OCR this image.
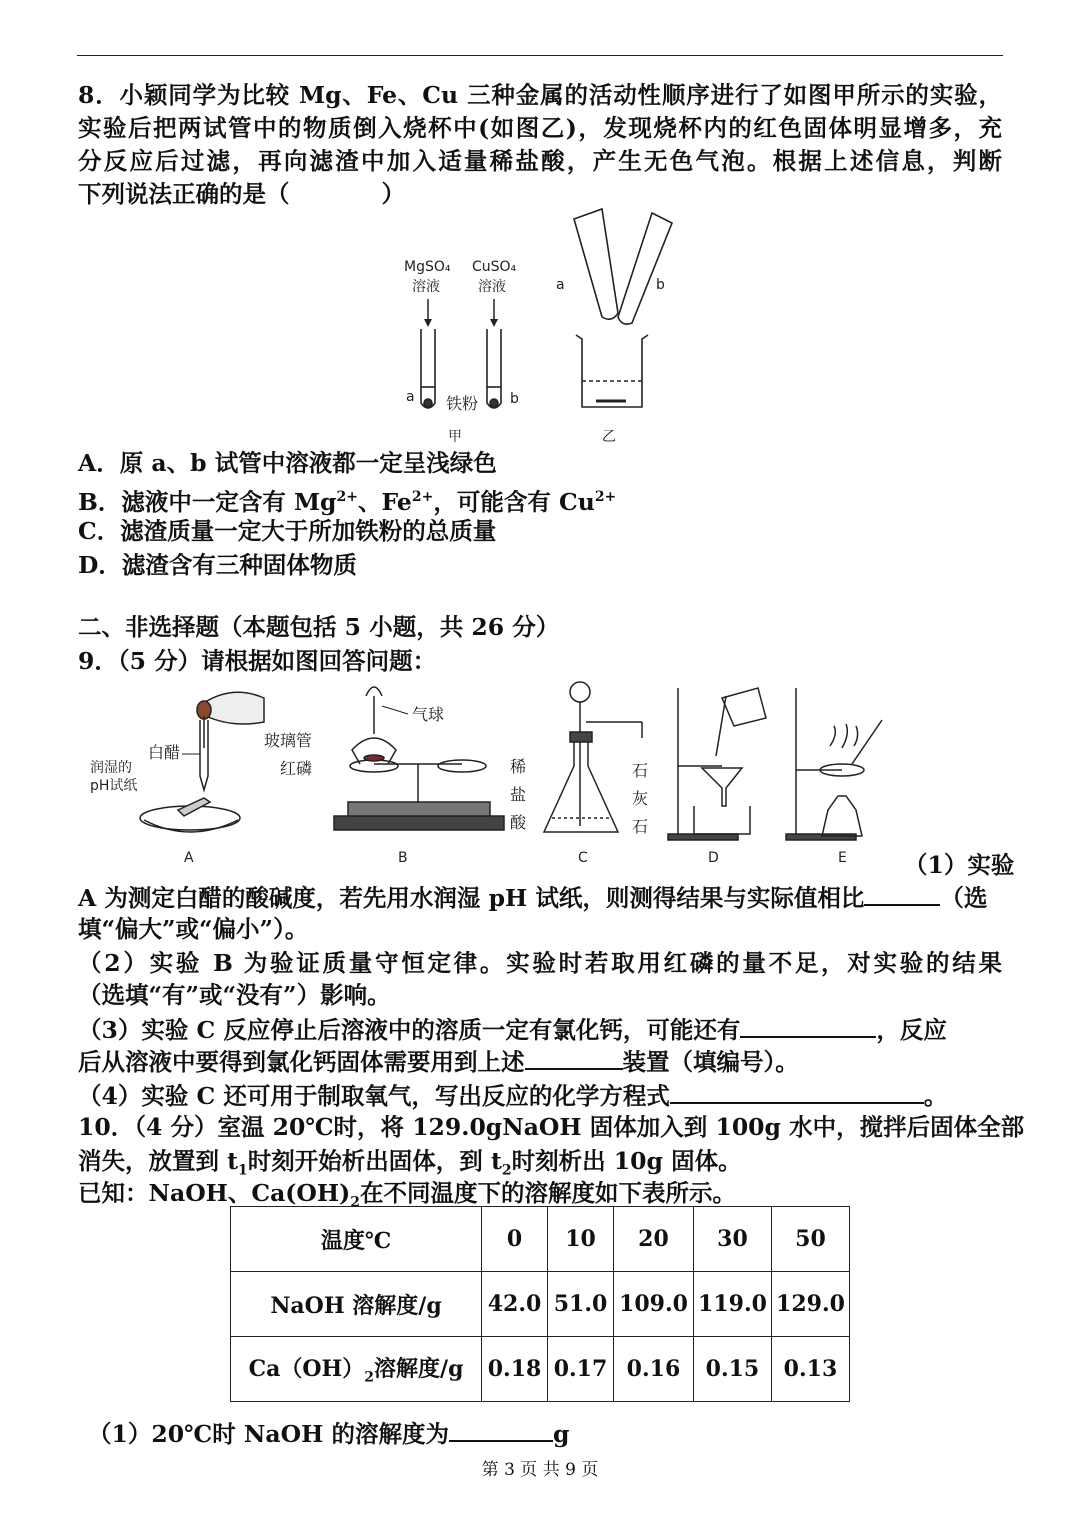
8．小颖同学为比较 Mg、Fe、Cu 三种金属的活动性顺序进行了如图甲所示的实验，
实验后把两试管中的物质倒入烧杯中(如图乙)，发现烧杯内的红色固体明显增多，充
分反应后过滤，再向滤渣中加入适量稀盐酸，产生无色气泡。根据上述信息，判断
下列说法正确的是（	）
MgSO₄
溶液
CuSO₄
溶液
a	b
铁粉
甲
a	b
乙
A．原 a、b 试管中溶液都一定呈浅绿色
B．滤液中一定含有 $Mg^{2+}$、$Fe^{2+}$，可能含有 $Cu^{2+}$
C．滤渣质量一定大于所加铁粉的总质量
D．滤渣含有三种固体物质
二、非选择题（本题包括 5 小题，共 26 分）
9．（5 分）请根据如图回答问题：
白醋
润湿的
pH试纸
A
气球
玻璃管
红磷
B
稀
盐
酸
石
灰
石
C	D	E （1）实验
A 为测定白醋的酸碱度，若先用水润湿 pH 试纸，则测得结果与实际值相比	（选
填“偏大”或“偏小”）。
（2）实验 B 为验证质量守恒定律。实验时若取用红磷的量不足，对实验的结果
（选填“有”或“没有”）影响。
（3）实验 C 反应停止后溶液中的溶质一定有氯化钙，可能还有	，反应
后从溶液中要得到氯化钙固体需要用到上述	装置（填编号）。
（4）实验 C 还可用于制取氧气，写出反应的化学方程式	。
10．（4 分）室温 20℃时，将 129.0gNaOH 固体加入到 100g 水中，搅拌后固体全部
消失，放置到 $t_1$时刻开始析出固体，到 $t_2$时刻析出 10g 固体。
已知：NaOH、$Ca(OH)_2$在不同温度下的溶解度如下表所示。
温度℃	0	10	20	30	50
NaOH 溶解度/g	42.0	51.0	109.0	119.0	129.0
$Ca(OH)_2$溶解度/g	0.18	0.17	0.16	0.15	0.13
（1）20℃时 NaOH 的溶解度为	g
第 3 页 共 9 页
